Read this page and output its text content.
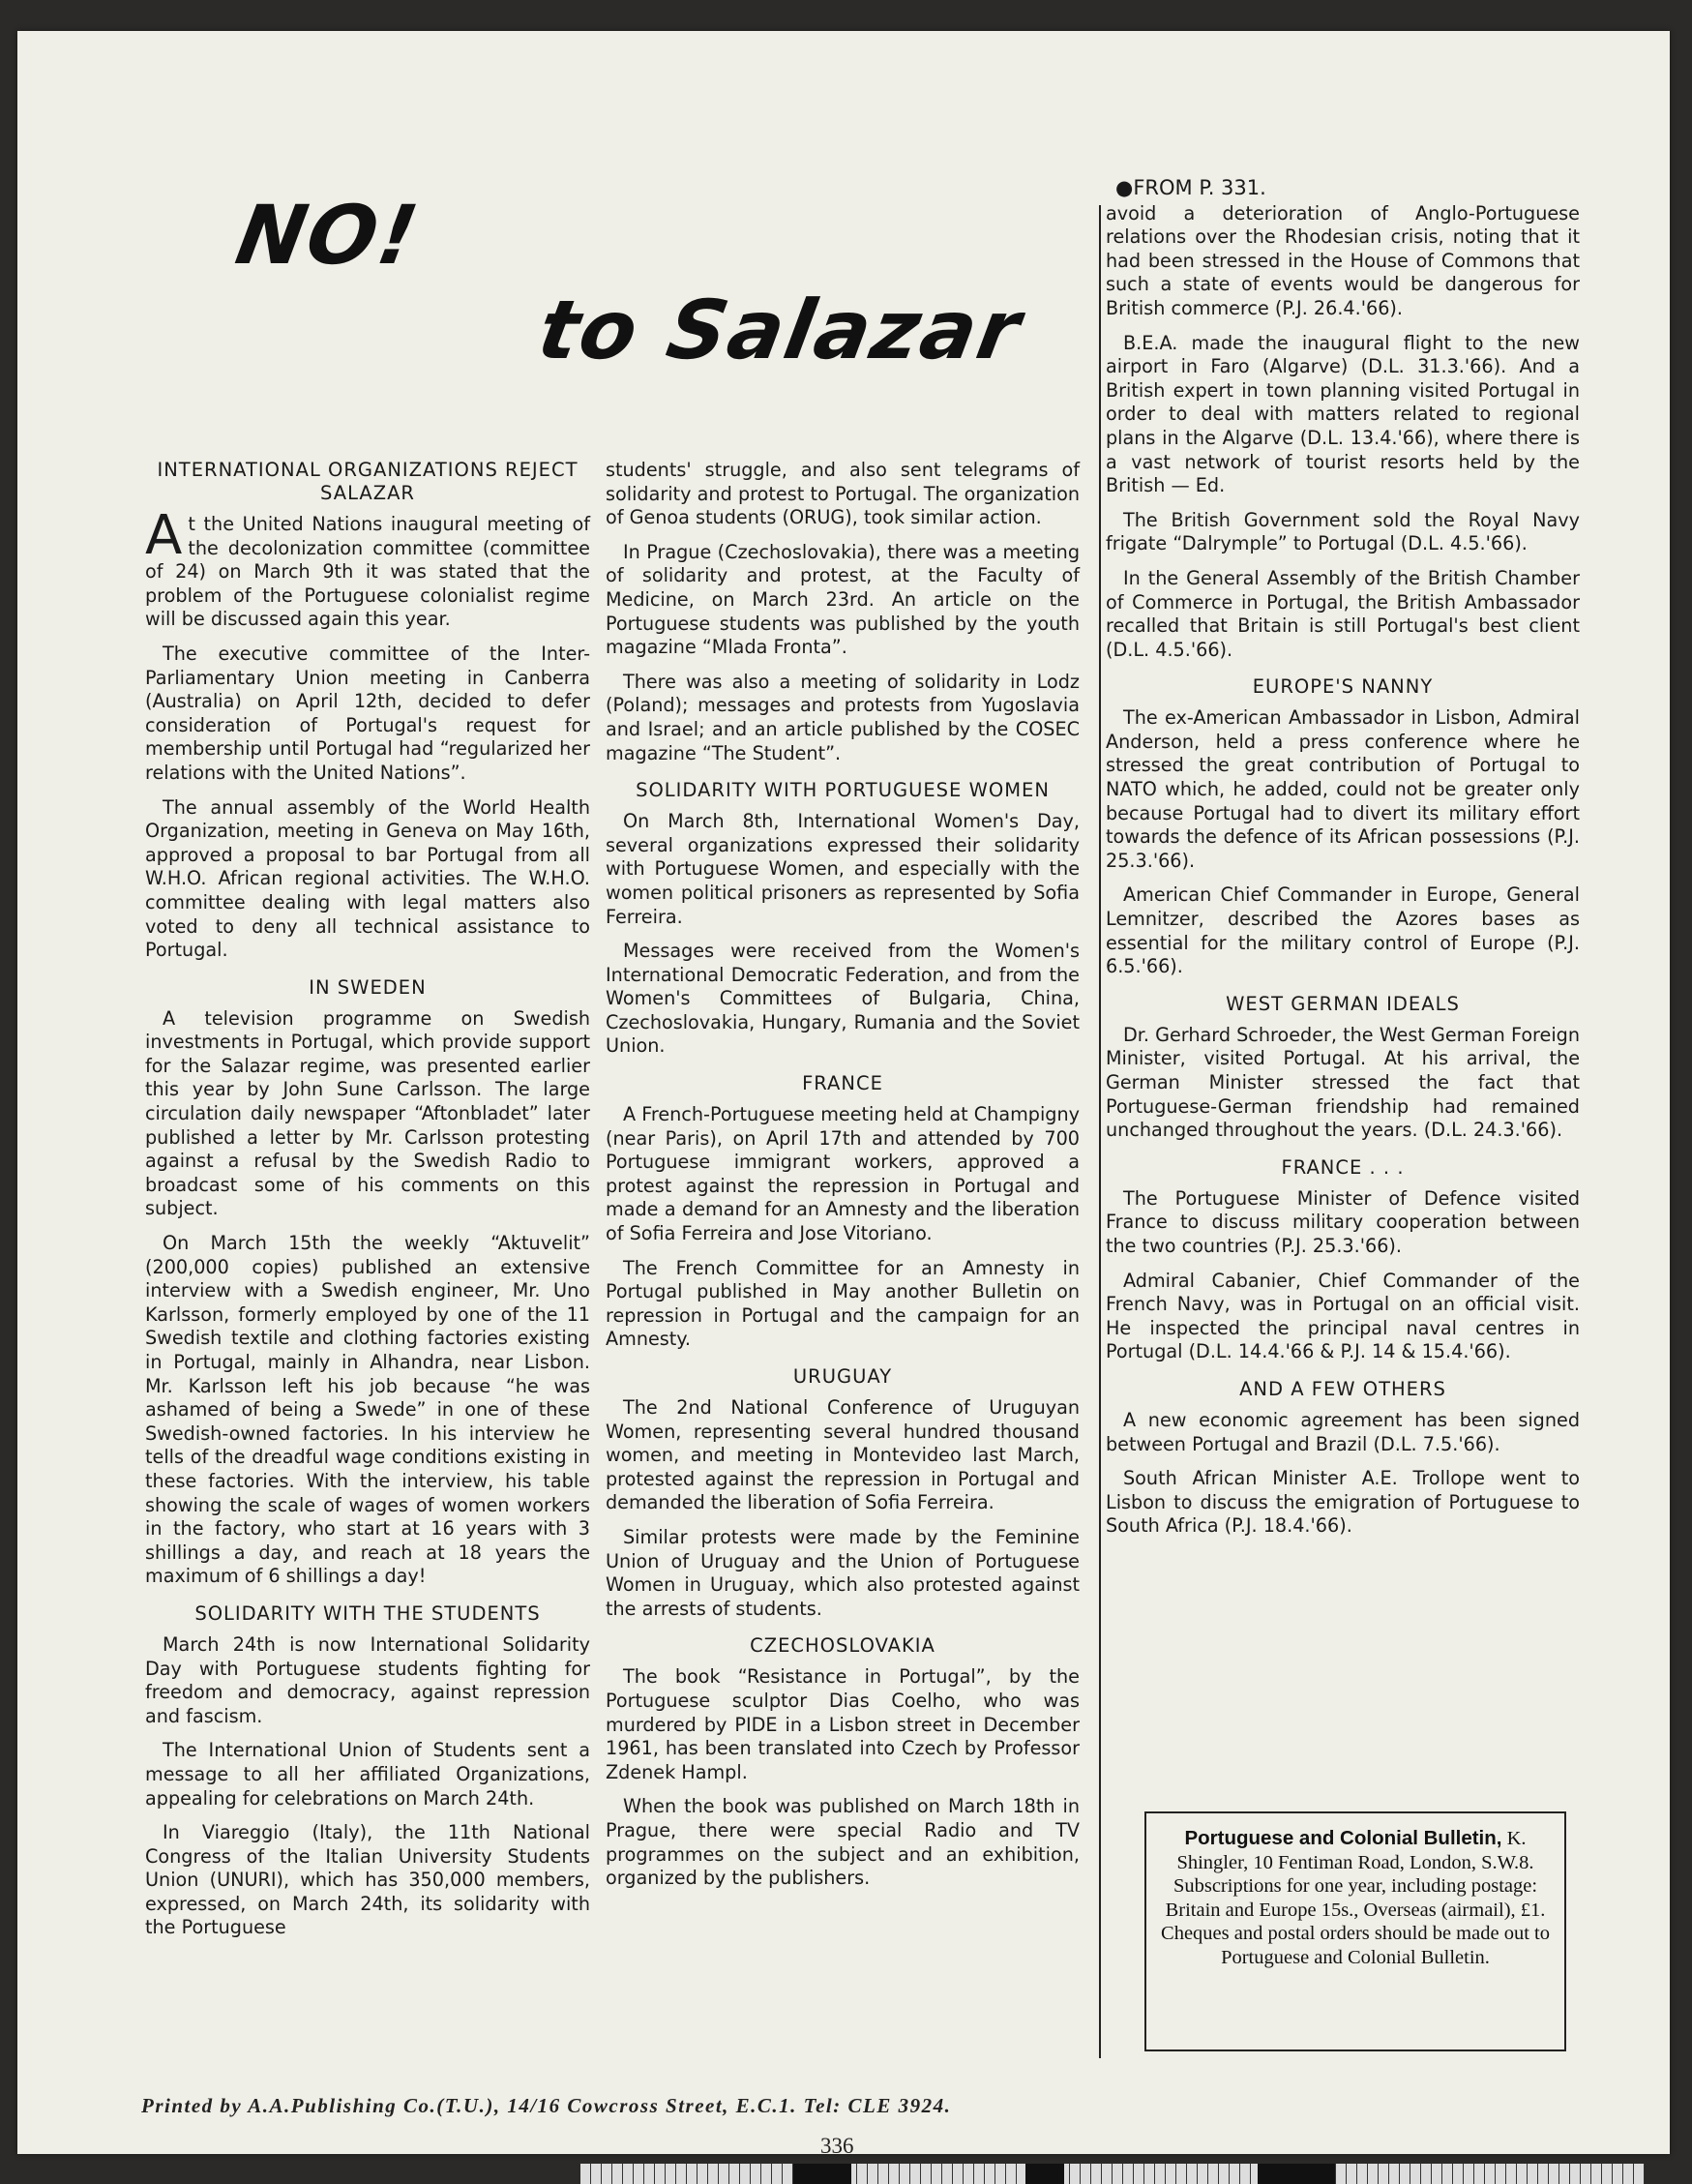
NO!
to Salazar
INTERNATIONAL ORGANIZATIONS REJECT SALAZAR

At the United Nations inaugural meeting of the decolonization committee (committee of 24) on March 9th it was stated that the problem of the Portuguese colonialist regime will be discussed again this year.

The executive committee of the Inter-Parliamentary Union meeting in Canberra (Australia) on April 12th, decided to defer consideration of Portugal's request for membership until Portugal had “regularized her relations with the United Nations”.

The annual assembly of the World Health Organization, meeting in Geneva on May 16th, approved a proposal to bar Portugal from all W.H.O. African regional activities. The W.H.O. committee dealing with legal matters also voted to deny all technical assistance to Portugal.

IN SWEDEN

A television programme on Swedish investments in Portugal, which provide support for the Salazar regime, was presented earlier this year by John Sune Carlsson. The large circulation daily newspaper “Aftonbladet” later published a letter by Mr. Carlsson protesting against a refusal by the Swedish Radio to broadcast some of his comments on this subject.

On March 15th the weekly “Aktuvelit” (200,000 copies) published an extensive interview with a Swedish engineer, Mr. Uno Karlsson, formerly employed by one of the 11 Swedish textile and clothing factories existing in Portugal, mainly in Alhandra, near Lisbon. Mr. Karlsson left his job because “he was ashamed of being a Swede” in one of these Swedish-owned factories. In his interview he tells of the dreadful wage conditions existing in these factories. With the interview, his table showing the scale of wages of women workers in the factory, who start at 16 years with 3 shillings a day, and reach at 18 years the maximum of 6 shillings a day!

SOLIDARITY WITH THE STUDENTS

March 24th is now International Solidarity Day with Portuguese students fighting for freedom and democracy, against repression and fascism.

The International Union of Students sent a message to all her affiliated Organizations, appealing for celebrations on March 24th.

In Viareggio (Italy), the 11th National Congress of the Italian University Students Union (UNURI), which has 350,000 members, expressed, on March 24th, its solidarity with the Portuguese

students' struggle, and also sent telegrams of solidarity and protest to Portugal. The organization of Genoa students (ORUG), took similar action.

In Prague (Czechoslovakia), there was a meeting of solidarity and protest, at the Faculty of Medicine, on March 23rd. An article on the Portuguese students was published by the youth magazine “Mlada Fronta”.

There was also a meeting of solidarity in Lodz (Poland); messages and protests from Yugoslavia and Israel; and an article published by the COSEC magazine “The Student”.

SOLIDARITY WITH PORTUGUESE WOMEN

On March 8th, International Women's Day, several organizations expressed their solidarity with Portuguese Women, and especially with the women political prisoners as represented by Sofia Ferreira.

Messages were received from the Women's International Democratic Federation, and from the Women's Committees of Bulgaria, China, Czechoslovakia, Hungary, Rumania and the Soviet Union.

FRANCE

A French-Portuguese meeting held at Champigny (near Paris), on April 17th and attended by 700 Portuguese immigrant workers, approved a protest against the repression in Portugal and made a demand for an Amnesty and the liberation of Sofia Ferreira and Jose Vitoriano.

The French Committee for an Amnesty in Portugal published in May another Bulletin on repression in Portugal and the campaign for an Amnesty.

URUGUAY

The 2nd National Conference of Uruguyan Women, representing several hundred thousand women, and meeting in Montevideo last March, protested against the repression in Portugal and demanded the liberation of Sofia Ferreira.

Similar protests were made by the Feminine Union of Uruguay and the Union of Portuguese Women in Uruguay, which also protested against the arrests of students.

CZECHOSLOVAKIA

The book “Resistance in Portugal”, by the Portuguese sculptor Dias Coelho, who was murdered by PIDE in a Lisbon street in December 1961, has been translated into Czech by Professor Zdenek Hampl.

When the book was published on March 18th in Prague, there were special Radio and TV programmes on the subject and an exhibition, organized by the publishers.

●FROM P. 331.

avoid a deterioration of Anglo-Portuguese relations over the Rhodesian crisis, noting that it had been stressed in the House of Commons that such a state of events would be dangerous for British commerce (P.J. 26.4.'66).

B.E.A. made the inaugural flight to the new airport in Faro (Algarve) (D.L. 31.3.'66). And a British expert in town planning visited Portugal in order to deal with matters related to regional plans in the Algarve (D.L. 13.4.'66), where there is a vast network of tourist resorts held by the British — Ed.

The British Government sold the Royal Navy frigate “Dalrymple” to Portugal (D.L. 4.5.'66).

In the General Assembly of the British Chamber of Commerce in Portugal, the British Ambassador recalled that Britain is still Portugal's best client (D.L. 4.5.'66).

EUROPE'S NANNY

The ex-American Ambassador in Lisbon, Admiral Anderson, held a press conference where he stressed the great contribution of Portugal to NATO which, he added, could not be greater only because Portugal had to divert its military effort towards the defence of its African possessions (P.J. 25.3.'66).

American Chief Commander in Europe, General Lemnitzer, described the Azores bases as essential for the military control of Europe (P.J. 6.5.'66).

WEST GERMAN IDEALS

Dr. Gerhard Schroeder, the West German Foreign Minister, visited Portugal. At his arrival, the German Minister stressed the fact that Portuguese-German friendship had remained unchanged throughout the years. (D.L. 24.3.'66).

FRANCE . . .

The Portuguese Minister of Defence visited France to discuss military cooperation between the two countries (P.J. 25.3.'66).

Admiral Cabanier, Chief Commander of the French Navy, was in Portugal on an official visit. He inspected the principal naval centres in Portugal (D.L. 14.4.'66 & P.J. 14 & 15.4.'66).

AND A FEW OTHERS

A new economic agreement has been signed between Portugal and Brazil (D.L. 7.5.'66).

South African Minister A.E. Trollope went to Lisbon to discuss the emigration of Portuguese to South Africa (P.J. 18.4.'66).

Portuguese and Colonial Bulletin, K. Shingler, 10 Fentiman Road, London, S.W.8. Subscriptions for one year, including postage: Britain and Europe 15s., Overseas (airmail), £1. Cheques and postal orders should be made out to Portuguese and Colonial Bulletin.
Printed by A.A.Publishing Co.(T.U.), 14/16 Cowcross Street, E.C.1. Tel: CLE 3924.
336
